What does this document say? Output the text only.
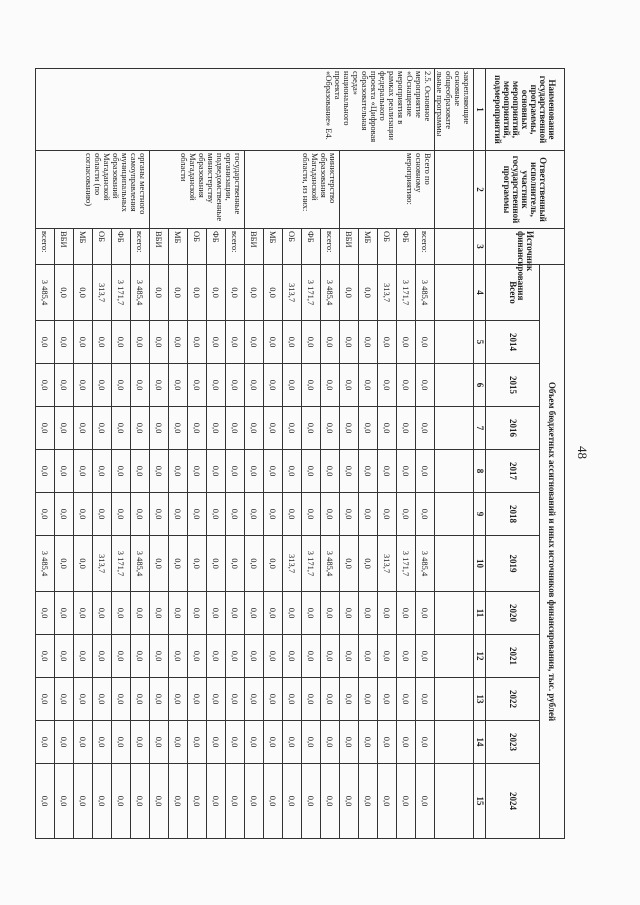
48
Наименование государственной программы, основных мероприятий, мероприятий, подмероприятий	Ответственный исполнитель, участник государственной программы	Источник финансирования	Объем бюджетных ассигнований и иных источников финансирования, тыс. рублей											
			Всего	2014	2015	2016	2017	2018	2019	2020	2021	2022	2023	2024
1	2	3	4	5	6	7	8	9	10	11	12	13	14	15
закрепляющие основные общеобразовате льные программы														
2.5. Основное мероприятие «Оснащение мероприятия в рамках реализации федерального проекта «Цифровая образовательная среда» национального проекта «Образование» Е4.	Всего по основному мероприятию:	всего:	3 485,4	0,0	0,0	0,0	0,0	0,0	3 485,4	0,0	0,0	0,0	0,0	0,0
		ФБ	3 171,7	0,0	0,0	0,0	0,0	0,0	3 171,7	0,0	0,0	0,0	0,0	0,0
		ОБ	313,7	0,0	0,0	0,0	0,0	0,0	313,7	0,0	0,0	0,0	0,0	0,0
		МБ	0,0	0,0	0,0	0,0	0,0	0,0	0,0	0,0	0,0	0,0	0,0	0,0
		ВБИ	0,0	0,0	0,0	0,0	0,0	0,0	0,0	0,0	0,0	0,0	0,0	0,0
	министерство образования Магаданской области, из них:	всего:	3 485,4	0,0	0,0	0,0	0,0	0,0	3 485,4	0,0	0,0	0,0	0,0	0,0
		ФБ	3 171,7	0,0	0,0	0,0	0,0	0,0	3 171,7	0,0	0,0	0,0	0,0	0,0
		ОБ	313,7	0,0	0,0	0,0	0,0	0,0	313,7	0,0	0,0	0,0	0,0	0,0
		МБ	0,0	0,0	0,0	0,0	0,0	0,0	0,0	0,0	0,0	0,0	0,0	0,0
		ВБИ	0,0	0,0	0,0	0,0	0,0	0,0	0,0	0,0	0,0	0,0	0,0	0,0
	государственные организации, подведомственные министерству образования Магаданской области	всего:	0,0	0,0	0,0	0,0	0,0	0,0	0,0	0,0	0,0	0,0	0,0	0,0
		ФБ	0,0	0,0	0,0	0,0	0,0	0,0	0,0	0,0	0,0	0,0	0,0	0,0
		ОБ	0,0	0,0	0,0	0,0	0,0	0,0	0,0	0,0	0,0	0,0	0,0	0,0
		МБ	0,0	0,0	0,0	0,0	0,0	0,0	0,0	0,0	0,0	0,0	0,0	0,0
		ВБИ	0,0	0,0	0,0	0,0	0,0	0,0	0,0	0,0	0,0	0,0	0,0	0,0
	органы местного самоуправления муниципальных образований Магаданской области (по согласованию)	всего:	3 485,4	0,0	0,0	0,0	0,0	0,0	3 485,4	0,0	0,0	0,0	0,0	0,0
		ФБ	3 171,7	0,0	0,0	0,0	0,0	0,0	3 171,7	0,0	0,0	0,0	0,0	0,0
		ОБ	313,7	0,0	0,0	0,0	0,0	0,0	313,7	0,0	0,0	0,0	0,0	0,0
		МБ	0,0	0,0	0,0	0,0	0,0	0,0	0,0	0,0	0,0	0,0	0,0	0,0
		ВБИ	0,0	0,0	0,0	0,0	0,0	0,0	0,0	0,0	0,0	0,0	0,0	0,0
		всего:	3 485,4	0,0	0,0	0,0	0,0	0,0	3 485,4	0,0	0,0	0,0	0,0	0,0
